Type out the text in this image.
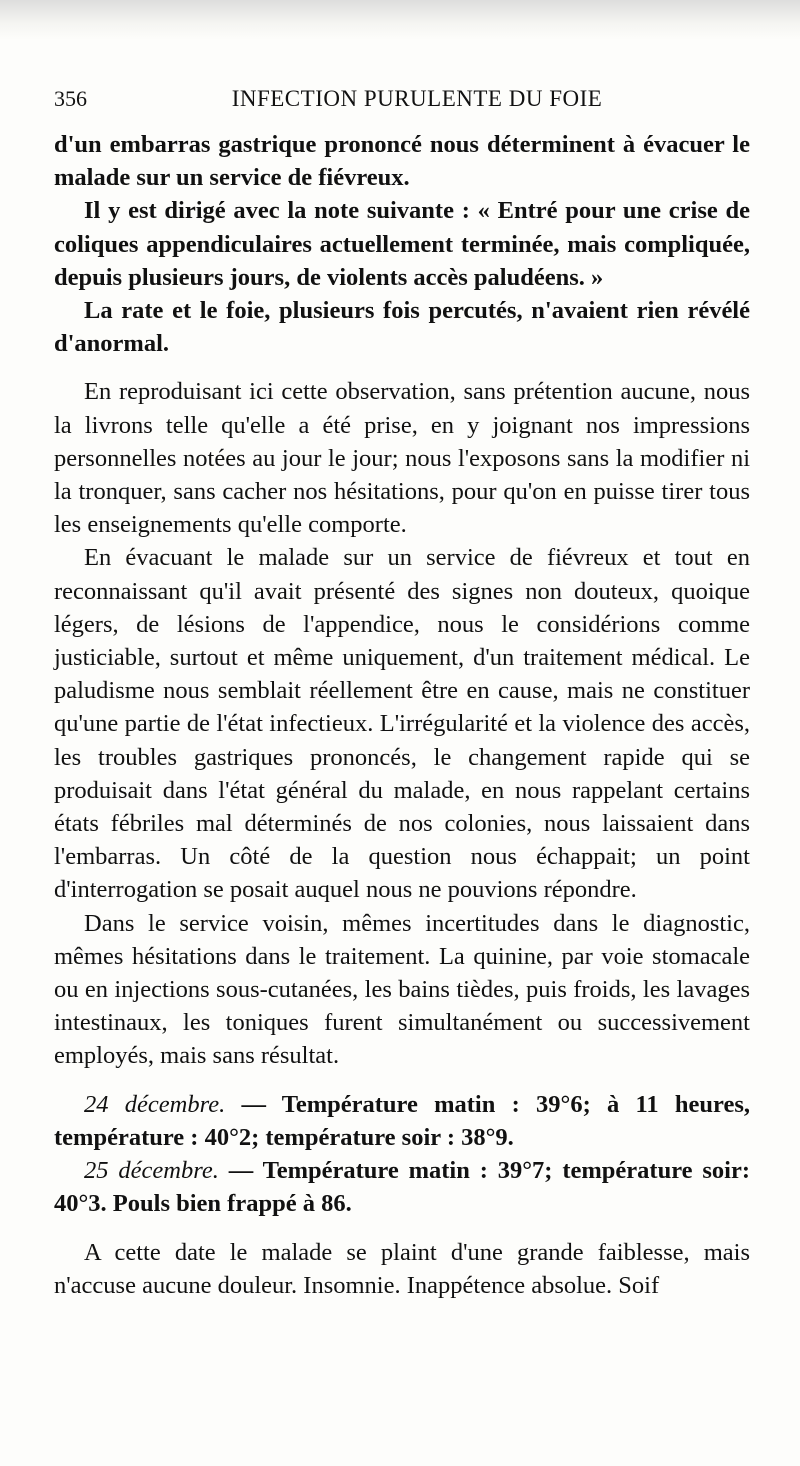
356	INFECTION PURULENTE DU FOIE

d'un embarras gastrique prononcé nous déterminent à évacuer le malade sur un service de fiévreux.

Il y est dirigé avec la note suivante : « Entré pour une crise de coliques appendiculaires actuellement terminée, mais compliquée, depuis plusieurs jours, de violents accès paludéens. »

La rate et le foie, plusieurs fois percutés, n'avaient rien révélé d'anormal.

En reproduisant ici cette observation, sans prétention aucune, nous la livrons telle qu'elle a été prise, en y joignant nos impressions personnelles notées au jour le jour; nous l'exposons sans la modifier ni la tronquer, sans cacher nos hésitations, pour qu'on en puisse tirer tous les enseignements qu'elle comporte.

En évacuant le malade sur un service de fiévreux et tout en reconnaissant qu'il avait présenté des signes non douteux, quoique légers, de lésions de l'appendice, nous le considérions comme justiciable, surtout et même uniquement, d'un traitement médical. Le paludisme nous semblait réellement être en cause, mais ne constituer qu'une partie de l'état infectieux. L'irrégularité et la violence des accès, les troubles gastriques prononcés, le changement rapide qui se produisait dans l'état général du malade, en nous rappelant certains états fébriles mal déterminés de nos colonies, nous laissaient dans l'embarras. Un côté de la question nous échappait; un point d'interrogation se posait auquel nous ne pouvions répondre.

Dans le service voisin, mêmes incertitudes dans le diagnostic, mêmes hésitations dans le traitement. La quinine, par voie stomacale ou en injections sous-cutanées, les bains tièdes, puis froids, les lavages intestinaux, les toniques furent simultanément ou successivement employés, mais sans résultat.

24 décembre. — Température matin : 39°6; à 11 heures, température : 40°2; température soir : 38°9.

25 décembre. — Température matin : 39°7; température soir: 40°3. Pouls bien frappé à 86.

A cette date le malade se plaint d'une grande faiblesse, mais n'accuse aucune douleur. Insomnie. Inappétence absolue. Soif
